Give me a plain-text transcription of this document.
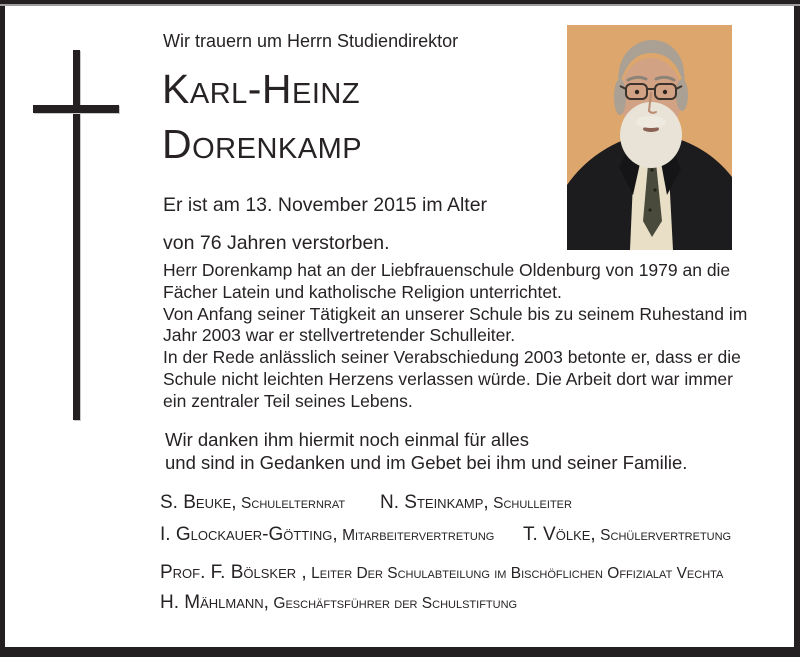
Wir trauern um Herrn Studiendirektor
Karl-Heinz
Dorenkamp
Er ist am 13. November 2015 im Alter
von 76 Jahren verstorben.
Herr Dorenkamp hat an der Liebfrauenschule Oldenburg von 1979 an die
Fächer Latein und katholische Religion unterrichtet.
Von Anfang seiner Tätigkeit an unserer Schule bis zu seinem Ruhestand im
Jahr 2003 war er stellvertretender Schulleiter.
In der Rede anlässlich seiner Verabschiedung 2003 betonte er, dass er die
Schule nicht leichten Herzens verlassen würde. Die Arbeit dort war immer
ein zentraler Teil seines Lebens.
Wir danken ihm hiermit noch einmal für alles
und sind in Gedanken und im Gebet bei ihm und seiner Familie.
S. Beuke, Schulelternrat N. Steinkamp, Schulleiter
I. Glockauer-Götting, Mitarbeitervertretung T. Völke, Schülervertretung
Prof. F. Bölsker , Leiter Der Schulabteilung im Bischöflichen Offizialat Vechta
H. Mählmann, Geschäftsführer der Schulstiftung
